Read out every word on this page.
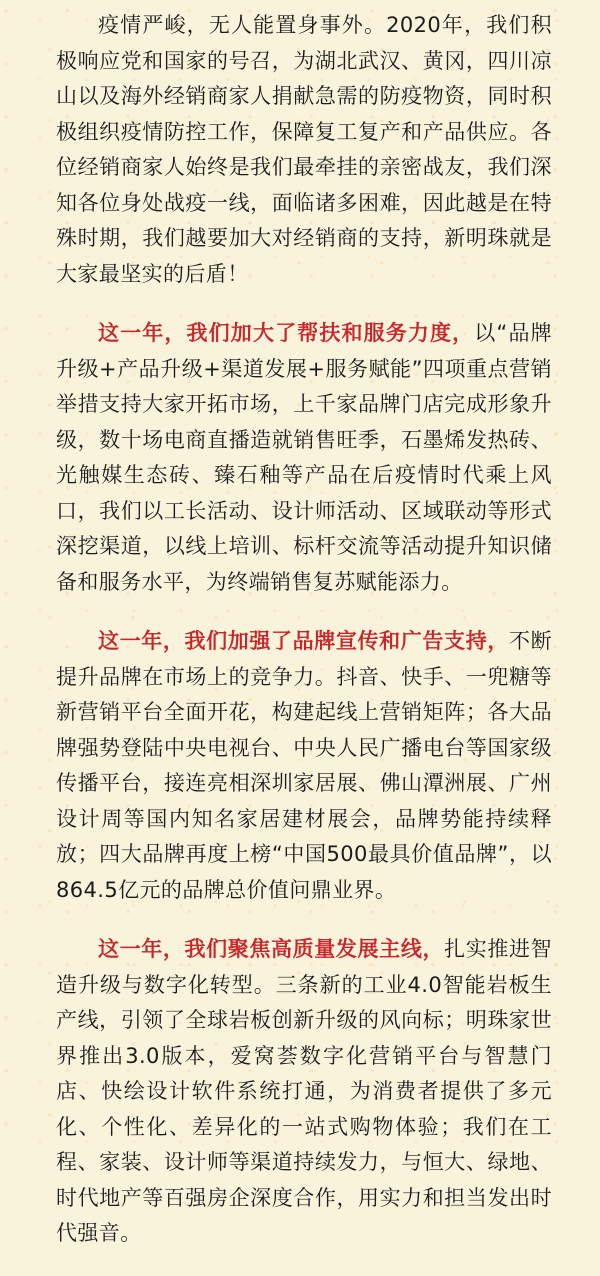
疫情严峻，无人能置身事外。2020年，我们积极响应党和国家的号召，为湖北武汉、黄冈，四川凉山以及海外经销商家人捐献急需的防疫物资，同时积极组织疫情防控工作，保障复工复产和产品供应。各位经销商家人始终是我们最牵挂的亲密战友，我们深知各位身处战疫一线，面临诸多困难，因此越是在特殊时期，我们越要加大对经销商的支持，新明珠就是大家最坚实的后盾！

这一年，我们加大了帮扶和服务力度，以“品牌升级+产品升级+渠道发展+服务赋能”四项重点营销举措支持大家开拓市场，上千家品牌门店完成形象升级，数十场电商直播造就销售旺季，石墨烯发热砖、光触媒生态砖、臻石釉等产品在后疫情时代乘上风口，我们以工长活动、设计师活动、区域联动等形式深挖渠道，以线上培训、标杆交流等活动提升知识储备和服务水平，为终端销售复苏赋能添力。

这一年，我们加强了品牌宣传和广告支持，不断提升品牌在市场上的竞争力。抖音、快手、一兜糖等新营销平台全面开花，构建起线上营销矩阵；各大品牌强势登陆中央电视台、中央人民广播电台等国家级传播平台，接连亮相深圳家居展、佛山潭洲展、广州设计周等国内知名家居建材展会，品牌势能持续释放；四大品牌再度上榜“中国500最具价值品牌”，以864.5亿元的品牌总价值问鼎业界。

这一年，我们聚焦高质量发展主线，扎实推进智造升级与数字化转型。三条新的工业4.0智能岩板生产线，引领了全球岩板创新升级的风向标；明珠家世界推出3.0版本，爱窝荟数字化营销平台与智慧门店、快绘设计软件系统打通，为消费者提供了多元化、个性化、差异化的一站式购物体验；我们在工程、家装、设计师等渠道持续发力，与恒大、绿地、时代地产等百强房企深度合作，用实力和担当发出时代强音。
